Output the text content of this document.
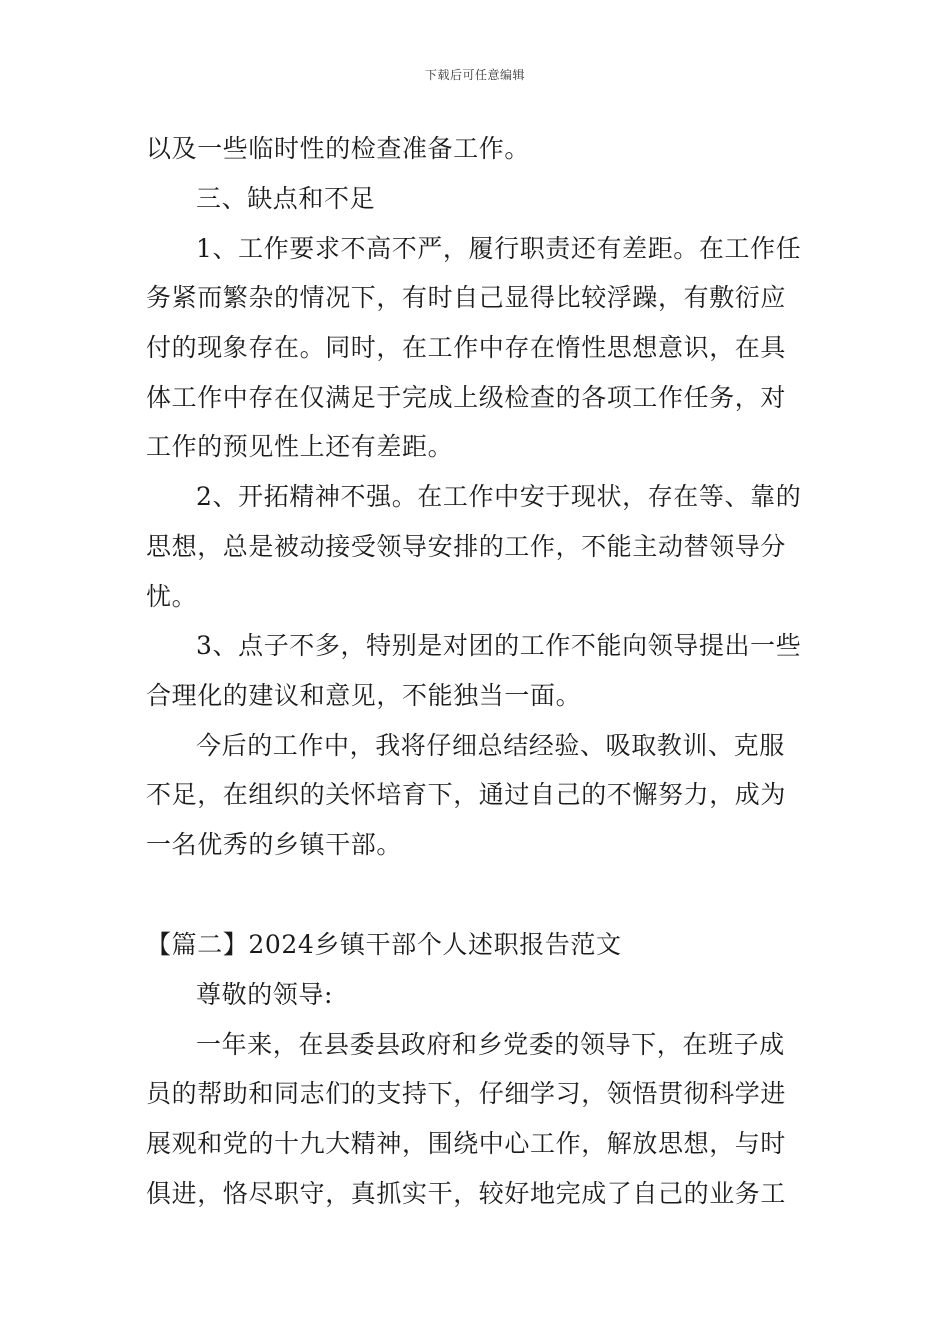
下载后可任意编辑
以及一些临时性的检查准备工作。
三、缺点和不足
1、工作要求不高不严，履行职责还有差距。在工作任
务紧而繁杂的情况下，有时自己显得比较浮躁，有敷衍应
付的现象存在。同时，在工作中存在惰性思想意识，在具
体工作中存在仅满足于完成上级检查的各项工作任务，对
工作的预见性上还有差距。
2、开拓精神不强。在工作中安于现状，存在等、靠的
思想，总是被动接受领导安排的工作，不能主动替领导分
忧。
3、点子不多，特别是对团的工作不能向领导提出一些
合理化的建议和意见，不能独当一面。
今后的工作中，我将仔细总结经验、吸取教训、克服
不足，在组织的关怀培育下，通过自己的不懈努力，成为
一名优秀的乡镇干部。
【篇二】2024乡镇干部个人述职报告范文
尊敬的领导:
一年来，在县委县政府和乡党委的领导下，在班子成
员的帮助和同志们的支持下，仔细学习，领悟贯彻科学进
展观和党的十九大精神，围绕中心工作，解放思想，与时
俱进，恪尽职守，真抓实干，较好地完成了自己的业务工
